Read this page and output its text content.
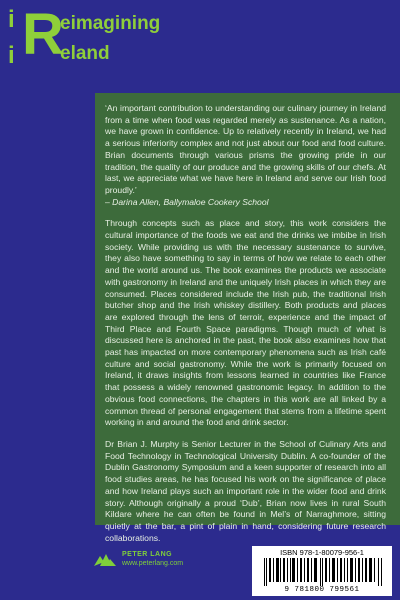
i
i R
eimagining
eland

‘An important contribution to understanding our culinary journey in Ireland from a time when food was regarded merely as sustenance. As a nation, we have grown in confidence. Up to relatively recently in Ireland, we had a serious inferiority complex and not just about our food and food culture. Brian documents through various prisms the growing pride in our tradition, the quality of our produce and the growing skills of our chefs. At last, we appreciate what we have here in Ireland and serve our Irish food proudly.’

– Darina Allen, Ballymaloe Cookery School

Through concepts such as place and story, this work considers the cultural importance of the foods we eat and the drinks we imbibe in Irish society. While providing us with the necessary sustenance to survive, they also have something to say in terms of how we relate to each other and the world around us. The book examines the products we associate with gastronomy in Ireland and the uniquely Irish places in which they are consumed. Places considered include the Irish pub, the traditional Irish butcher shop and the Irish whiskey distillery. Both products and places are explored through the lens of terroir, experience and the impact of Third Place and Fourth Space paradigms. Though much of what is discussed here is anchored in the past, the book also examines how that past has impacted on more contemporary phenomena such as Irish café culture and social gastronomy. While the work is primarily focused on Ireland, it draws insights from lessons learned in countries like France that possess a widely renowned gastronomic legacy. In addition to the obvious food connections, the chapters in this work are all linked by a common thread of personal engagement that stems from a lifetime spent working in and around the food and drink sector.

Dr Brian J. Murphy is Senior Lecturer in the School of Culinary Arts and Food Technology in Technological University Dublin. A co-founder of the Dublin Gastronomy Symposium and a keen supporter of research into all food studies areas, he has focused his work on the significance of place and how Ireland plays such an important role in the wider food and drink story. Although originally a proud ‘Dub’, Brian now lives in rural South Kildare where he can often be found in Mel’s of Narraghmore, sitting quietly at the bar, a pint of plain in hand, considering future research collaborations.

PETER LANG
www.peterlang.com
ISBN 978-1-80079-956-1
9 781800 799561
